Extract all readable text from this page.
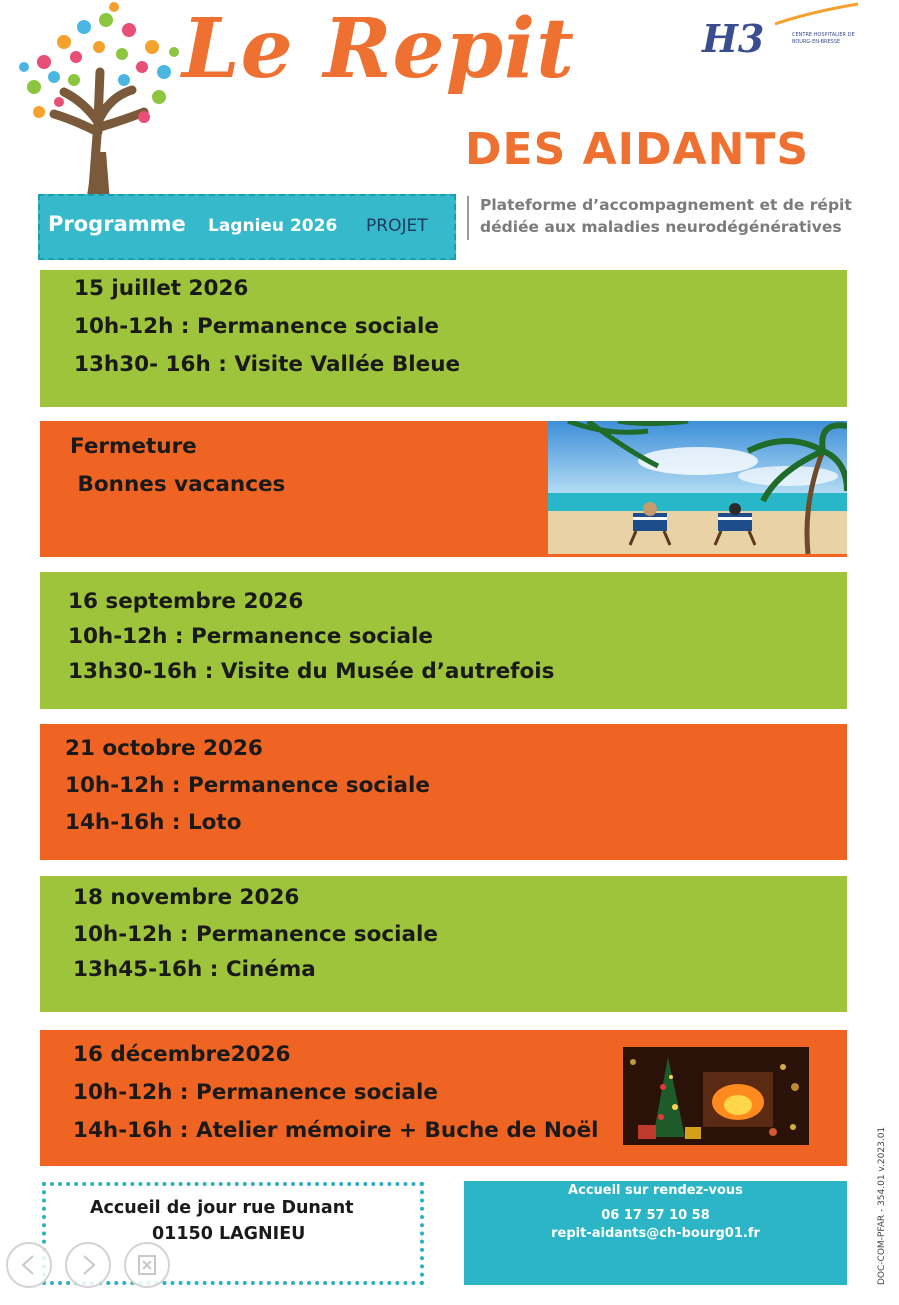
Le Repit
DES AIDANTS
H3	CENTRE HOSPITALIER DE BOURG-EN-BRESSE
Programme Lagnieu 2026 PROJET
Plateforme d’accompagnement et de répit
dédiée aux maladies neurodégénératives
15 juillet 2026
10h-12h : Permanence sociale
13h30- 16h : Visite Vallée Bleue
Fermeture
Bonnes vacances
16 septembre 2026
10h-12h : Permanence sociale
13h30-16h : Visite du Musée d’autrefois
21 octobre 2026
10h-12h : Permanence sociale
14h-16h : Loto
18 novembre 2026
10h-12h : Permanence sociale
13h45-16h : Cinéma
16 décembre2026
10h-12h : Permanence sociale
14h-16h : Atelier mémoire + Buche de Noël
Accueil de jour rue Dunant
01150 LAGNIEU
Accueil sur rendez-vous
06 17 57 10 58
repit-aidants@ch-bourg01.fr	DOC-COM-PFAR - 354.01 v.2023.01
